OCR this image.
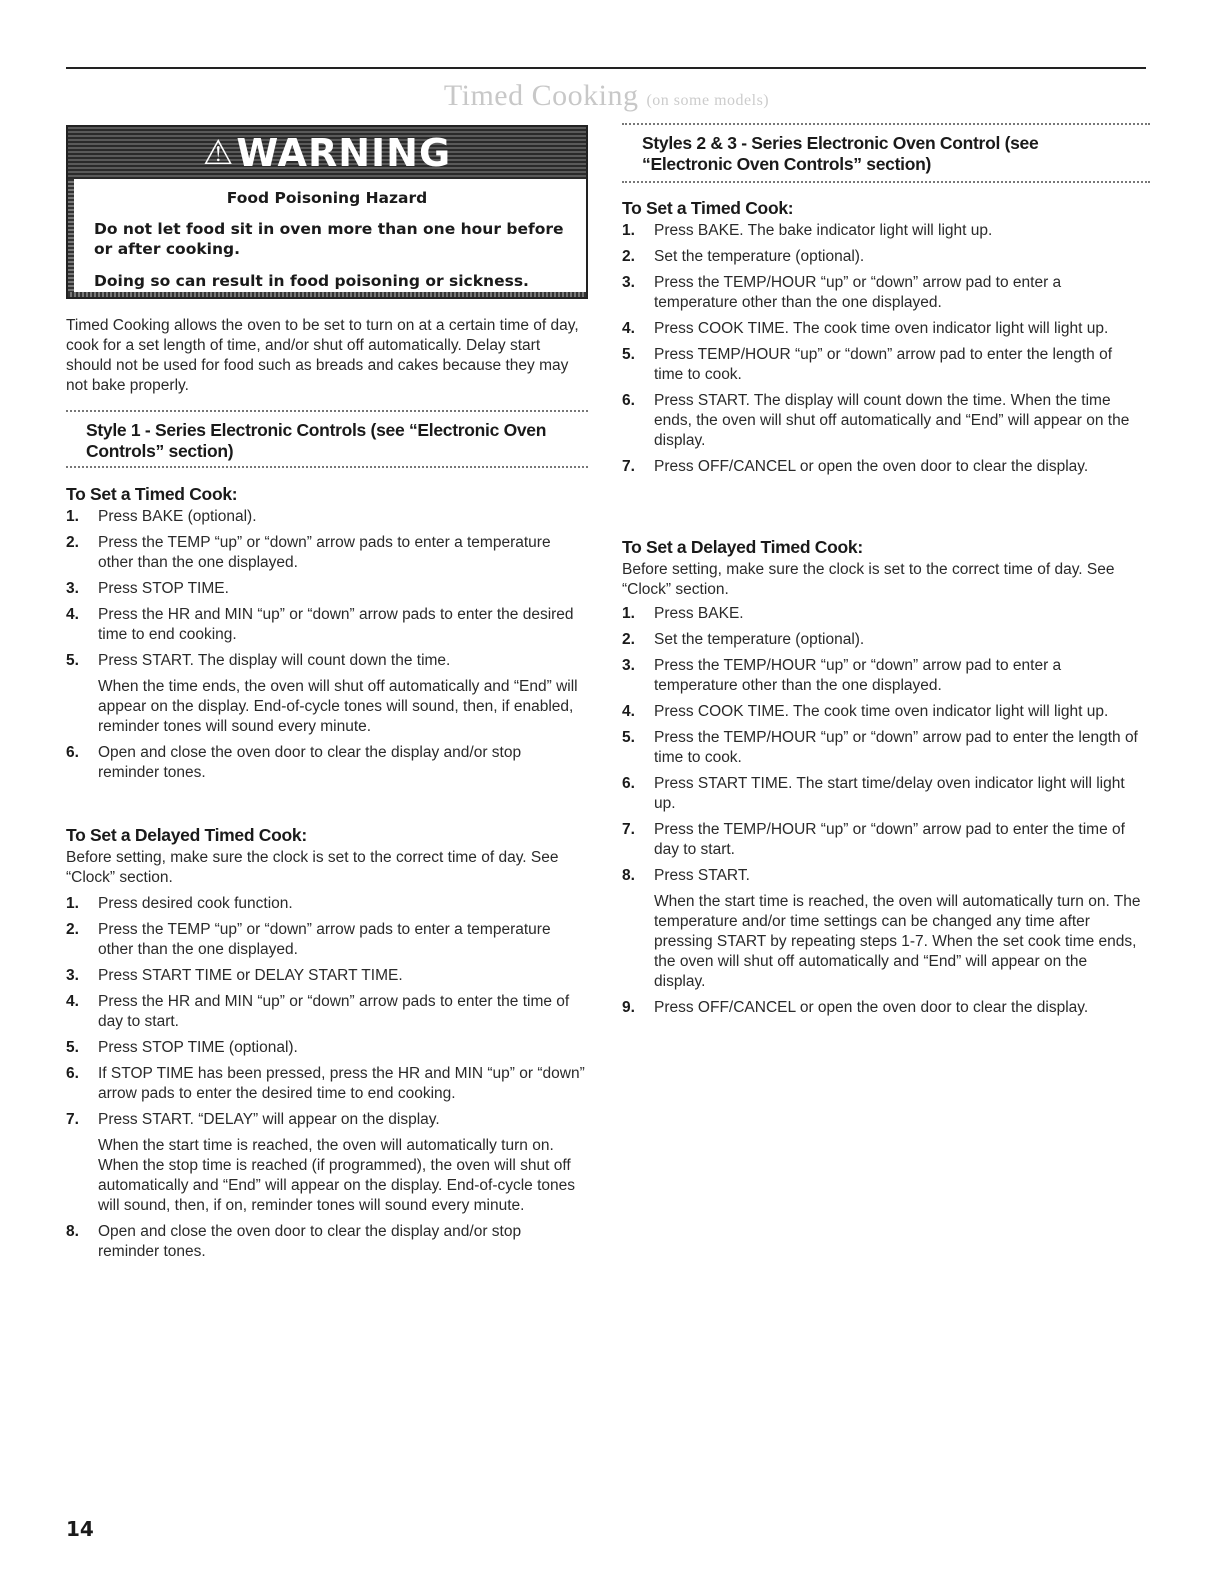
Timed Cooking (on some models)
⚠WARNING
Food Poisoning Hazard
Do not let food sit in oven more than one hour before or after cooking.
Doing so can result in food poisoning or sickness.
Timed Cooking allows the oven to be set to turn on at a certain time of day, cook for a set length of time, and/or shut off automatically. Delay start should not be used for food such as breads and cakes because they may not bake properly.
Style 1 - Series Electronic Controls (see “Electronic Oven Controls” section)
To Set a Timed Cook:
1. Press BAKE (optional).
2. Press the TEMP “up” or “down” arrow pads to enter a temperature other than the one displayed.
3. Press STOP TIME.
4. Press the HR and MIN “up” or “down” arrow pads to enter the desired time to end cooking.
5. Press START. The display will count down the time.
When the time ends, the oven will shut off automatically and “End” will appear on the display. End-of-cycle tones will sound, then, if enabled, reminder tones will sound every minute.
6. Open and close the oven door to clear the display and/or stop reminder tones.
To Set a Delayed Timed Cook:
Before setting, make sure the clock is set to the correct time of day. See “Clock” section.
1. Press desired cook function.
2. Press the TEMP “up” or “down” arrow pads to enter a temperature other than the one displayed.
3. Press START TIME or DELAY START TIME.
4. Press the HR and MIN “up” or “down” arrow pads to enter the time of day to start.
5. Press STOP TIME (optional).
6. If STOP TIME has been pressed, press the HR and MIN “up” or “down” arrow pads to enter the desired time to end cooking.
7. Press START. “DELAY” will appear on the display.
When the start time is reached, the oven will automatically turn on. When the stop time is reached (if programmed), the oven will shut off automatically and “End” will appear on the display. End-of-cycle tones will sound, then, if on, reminder tones will sound every minute.
8. Open and close the oven door to clear the display and/or stop reminder tones.
Styles 2 & 3 - Series Electronic Oven Control (see “Electronic Oven Controls” section)
To Set a Timed Cook:
1. Press BAKE. The bake indicator light will light up.
2. Set the temperature (optional).
3. Press the TEMP/HOUR “up” or “down” arrow pad to enter a temperature other than the one displayed.
4. Press COOK TIME. The cook time oven indicator light will light up.
5. Press TEMP/HOUR “up” or “down” arrow pad to enter the length of time to cook.
6. Press START. The display will count down the time. When the time ends, the oven will shut off automatically and “End” will appear on the display.
7. Press OFF/CANCEL or open the oven door to clear the display.
To Set a Delayed Timed Cook:
Before setting, make sure the clock is set to the correct time of day. See “Clock” section.
1. Press BAKE.
2. Set the temperature (optional).
3. Press the TEMP/HOUR “up” or “down” arrow pad to enter a temperature other than the one displayed.
4. Press COOK TIME. The cook time oven indicator light will light up.
5. Press the TEMP/HOUR “up” or “down” arrow pad to enter the length of time to cook.
6. Press START TIME. The start time/delay oven indicator light will light up.
7. Press the TEMP/HOUR “up” or “down” arrow pad to enter the time of day to start.
8. Press START.
When the start time is reached, the oven will automatically turn on. The temperature and/or time settings can be changed any time after pressing START by repeating steps 1-7. When the set cook time ends, the oven will shut off automatically and “End” will appear on the display.
9. Press OFF/CANCEL or open the oven door to clear the display.
14
